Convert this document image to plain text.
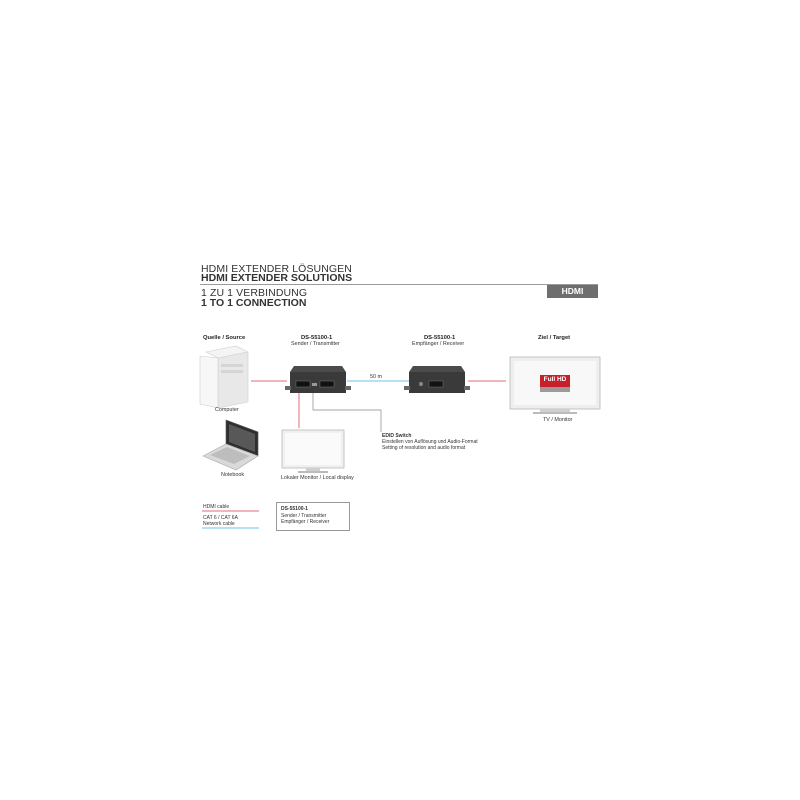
HDMI EXTENDER LÖSUNGEN
HDMI EXTENDER SOLUTIONS
1 ZU 1 VERBINDUNG
1 TO 1 CONNECTION
HDMI
Quelle / Source	DS-55100-1
Sender / Transmitter
DS-55100-1
Empfänger / Receiver
Ziel / Target
50 m
Computer
Notebook	Lokaler Monitor / Local display
TV / Monitor
Full HD
EDID Switch
Einstellen von Auflösung und Audio-Format
Setting of resolution and audio format
HDMI cable
CAT 6 / CAT 6A
Network cable
DS-55100-1
Sender / Transmitter
Empfänger / Receiver
